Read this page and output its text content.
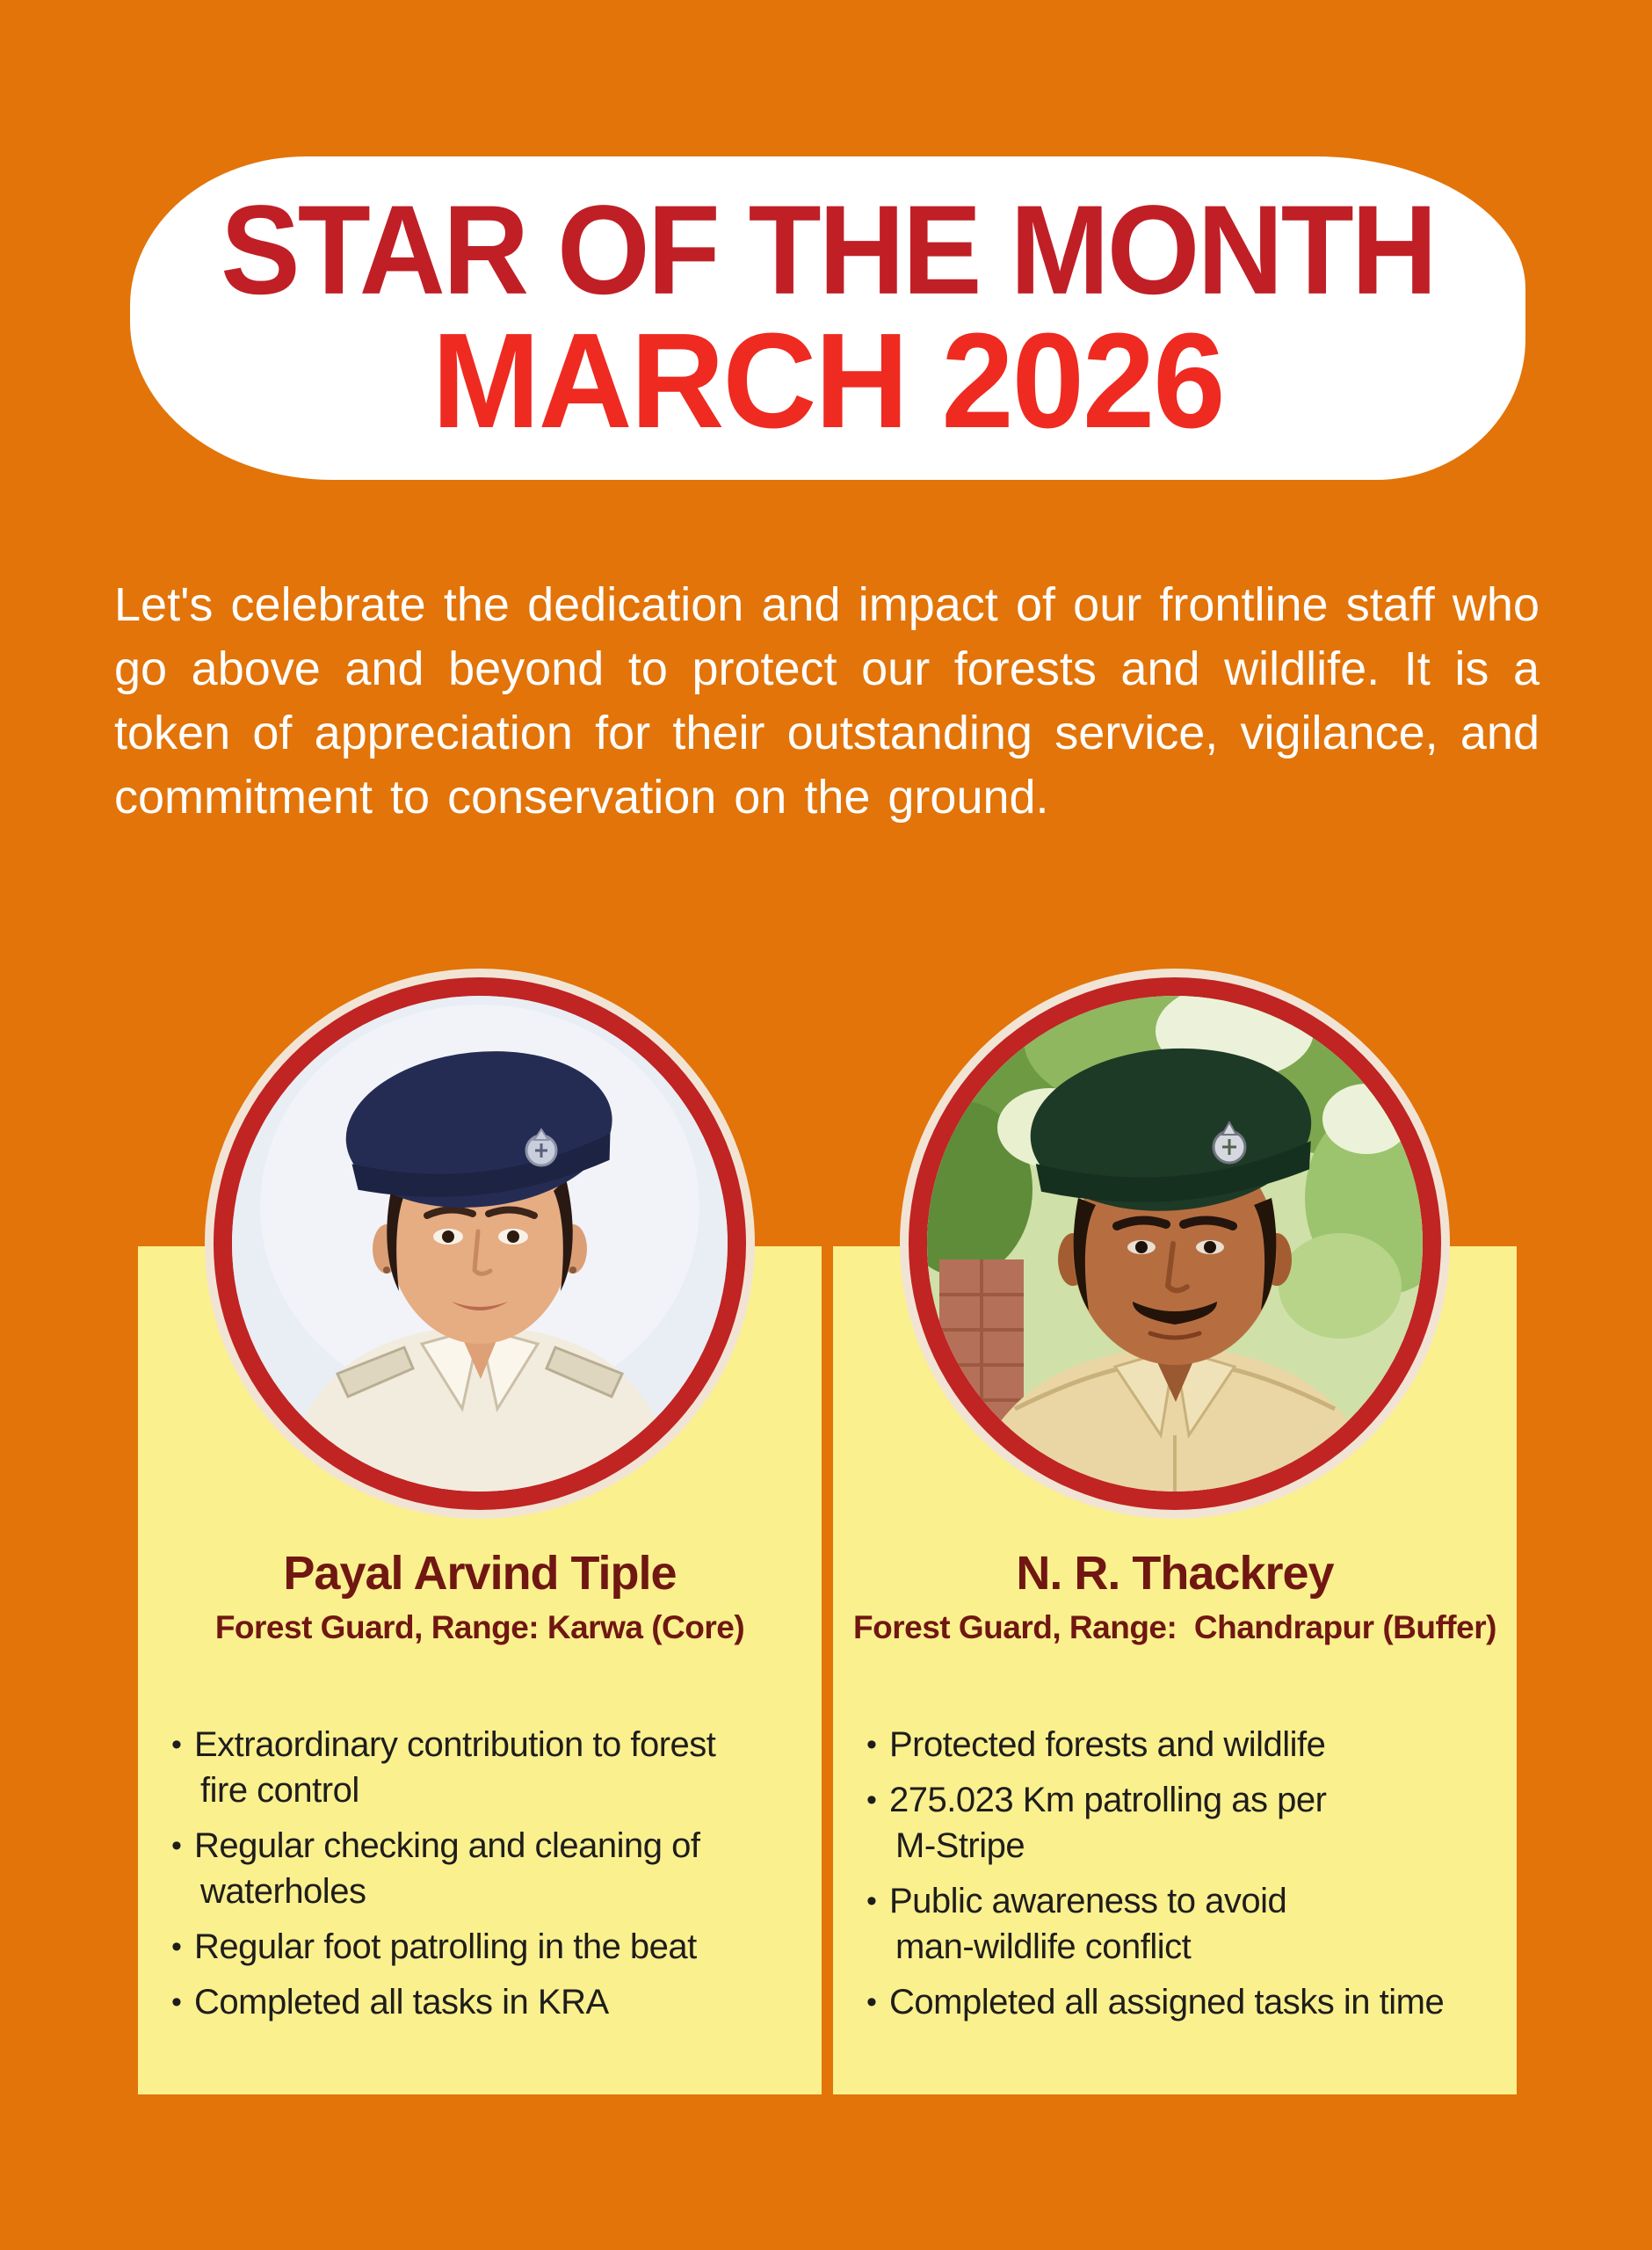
STAR OF THE MONTH
MARCH 2026

Let's celebrate the dedication and impact of our frontline staff who go above and beyond to protect our forests and wildlife. It is a token of appreciation for their outstanding service, vigilance, and commitment to conservation on the ground.

Payal Arvind Tiple
Forest Guard, Range: Karwa (Core)
• Extraordinary contribution to forest
fire control
• Regular checking and cleaning of
waterholes
• Regular foot patrolling in the beat
• Completed all tasks in KRA
N. R. Thackrey
Forest Guard, Range:  Chandrapur (Buffer)
• Protected forests and wildlife
• 275.023 Km patrolling as per
M-Stripe
• Public awareness to avoid
man-wildlife conflict
• Completed all assigned tasks in time
